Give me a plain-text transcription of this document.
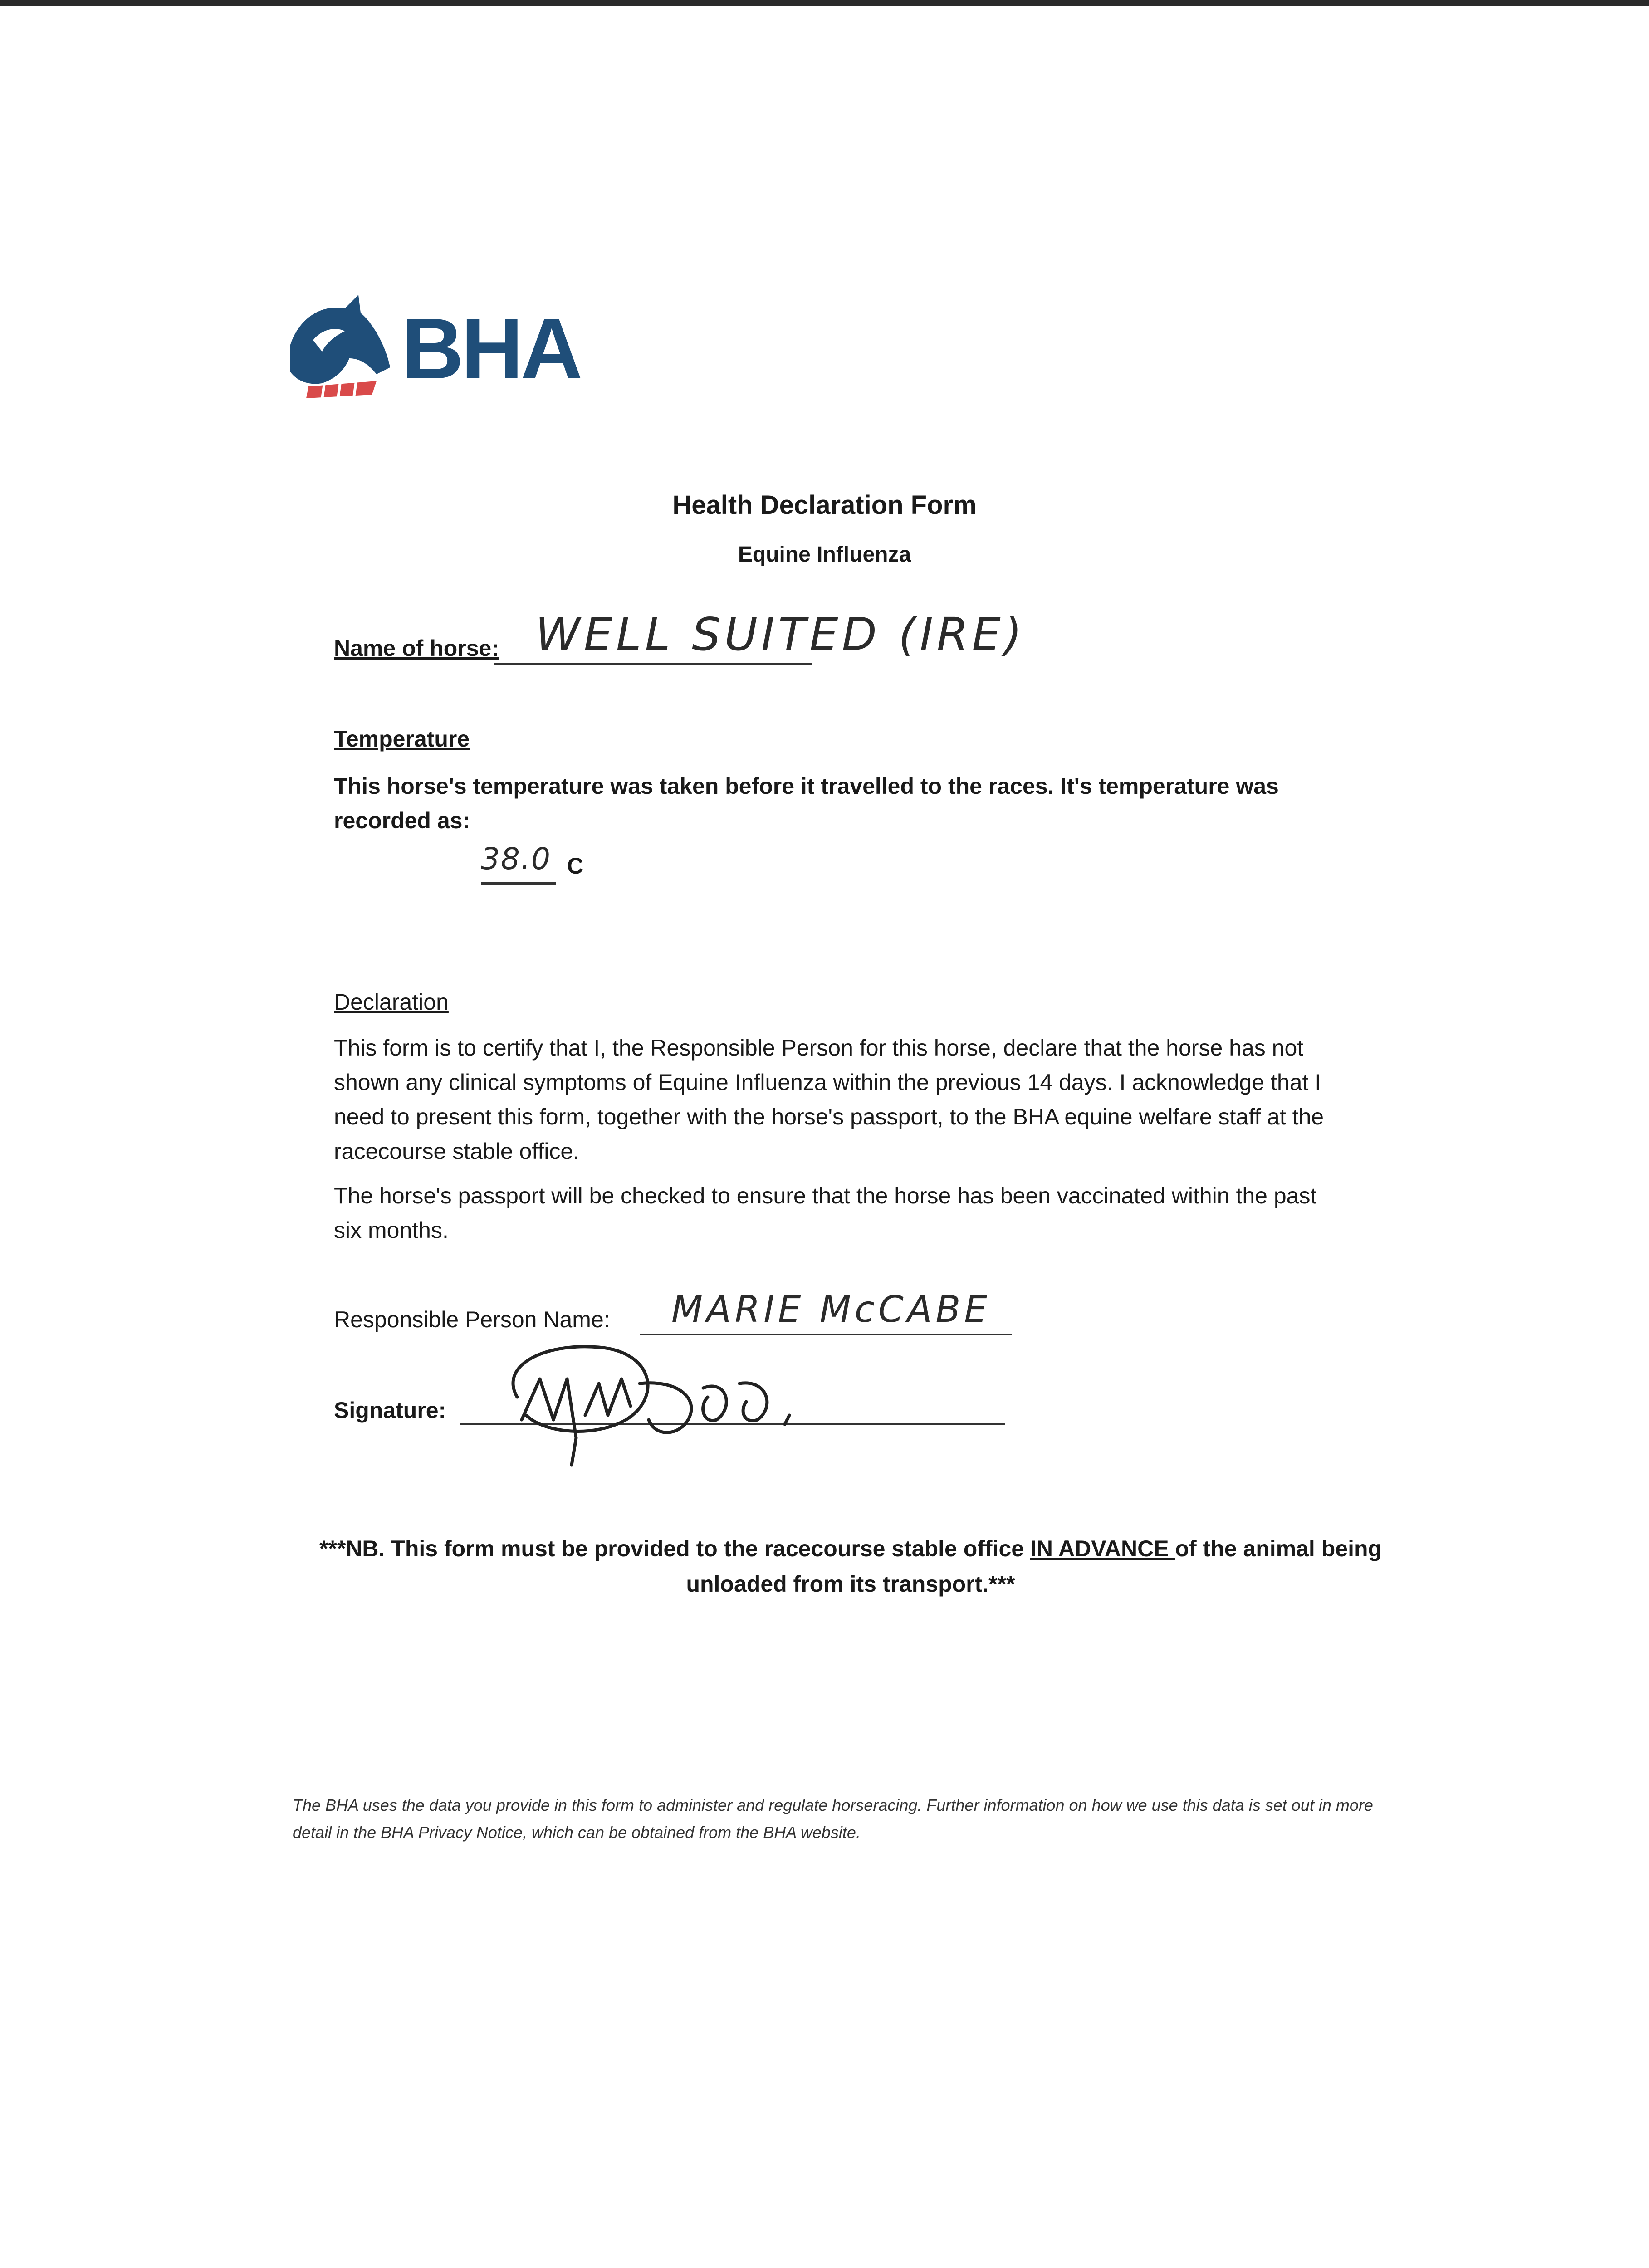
BHA
Health Declaration Form
Equine Influenza
Name of horse: WELL SUITED (IRE)
Temperature
This horse's temperature was taken before it travelled to the races. It's temperature was recorded as:
38.0 C
Declaration
This form is to certify that I, the Responsible Person for this horse, declare that the horse has not shown any clinical symptoms of Equine Influenza within the previous 14 days. I acknowledge that I need to present this form, together with the horse's passport, to the BHA equine welfare staff at the racecourse stable office.
The horse's passport will be checked to ensure that the horse has been vaccinated within the past six months.
Responsible Person Name: MARIE McCABE
Signature:
***NB. This form must be provided to the racecourse stable office IN ADVANCE of the animal being unloaded from its transport.***
The BHA uses the data you provide in this form to administer and regulate horseracing. Further information on how we use this data is set out in more detail in the BHA Privacy Notice, which can be obtained from the BHA website.
